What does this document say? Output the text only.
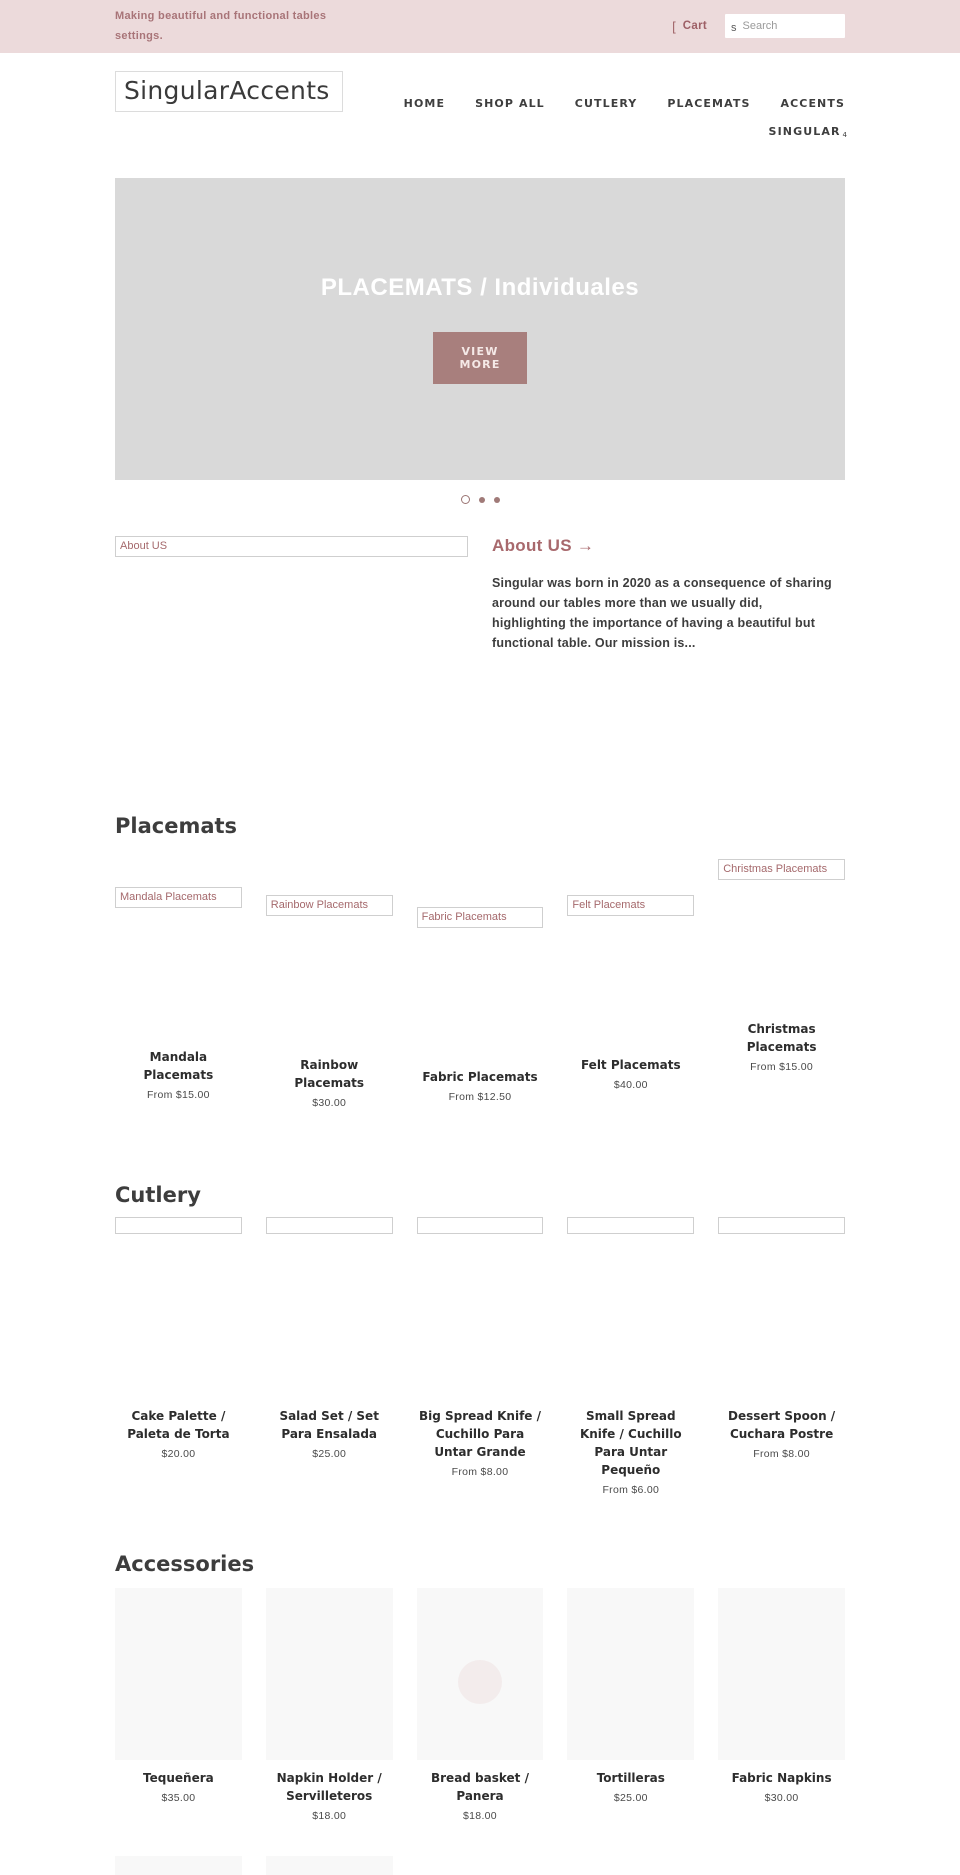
Making beautiful and functional tables settings.
[ Cart s
Search
SingularAccents	HOME	SHOP ALL	CUTLERY	PLACEMATS	ACCENTS
SINGULAR 4
PLACEMATS / Individuales
VIEW MORE
About US	About US →
Singular was born in 2020 as a consequence of sharing around our tables more than we usually did, highlighting the importance of having a beautiful but functional table. Our mission is...
Placemats
Mandala Placemats
Mandala Placemats
From $15.00
Rainbow Placemats
Rainbow Placemats
$30.00
Fabric Placemats
Fabric Placemats
From $12.50
Felt Placemats
Felt Placemats
$40.00
Christmas Placemats
Christmas Placemats
From $15.00
Cutlery
Cake Palette / Paleta de Torta
$20.00
Salad Set / Set Para Ensalada
$25.00
Big Spread Knife / Cuchillo Para Untar Grande
From $8.00
Small Spread Knife / Cuchillo Para Untar Pequeño
From $6.00
Dessert Spoon / Cuchara Postre
From $8.00
Accessories
Tequeñera
$35.00
Napkin Holder / Servilleteros
$18.00
Bread basket / Panera
$18.00
Tortilleras
$25.00
Fabric Napkins
$30.00
